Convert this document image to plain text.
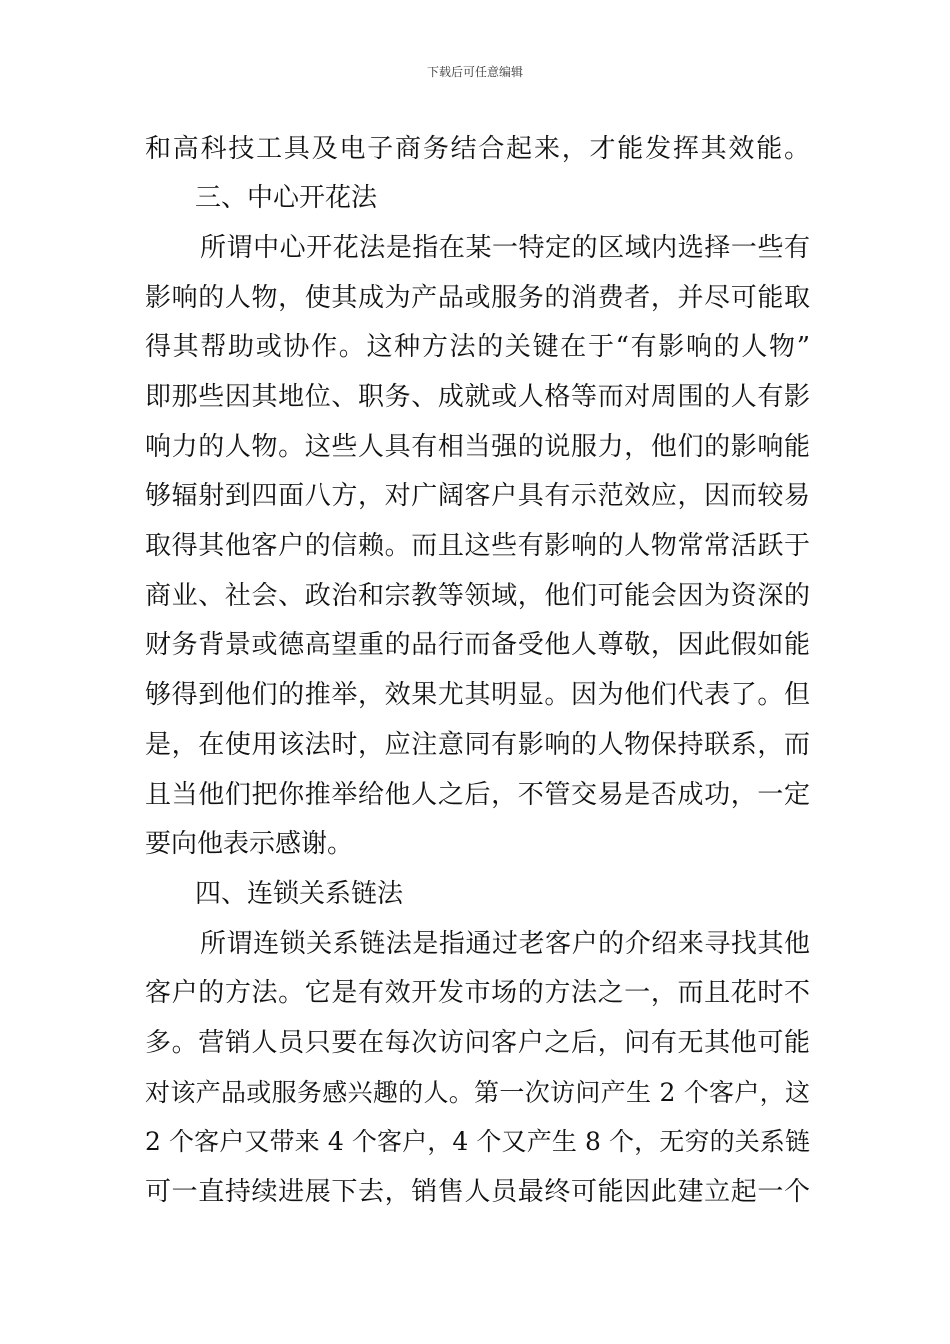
下载后可任意编辑
和高科技工具及电子商务结合起来，才能发挥其效能。
三、中心开花法
所谓中心开花法是指在某一特定的区域内选择一些有
影响的人物，使其成为产品或服务的消费者，并尽可能取
得其帮助或协作。这种方法的关键在于“有影响的人物”
即那些因其地位、职务、成就或人格等而对周围的人有影
响力的人物。这些人具有相当强的说服力，他们的影响能
够辐射到四面八方，对广阔客户具有示范效应，因而较易
取得其他客户的信赖。而且这些有影响的人物常常活跃于
商业、社会、政治和宗教等领域，他们可能会因为资深的
财务背景或德高望重的品行而备受他人尊敬，因此假如能
够得到他们的推举，效果尤其明显。因为他们代表了。但
是，在使用该法时，应注意同有影响的人物保持联系，而
且当他们把你推举给他人之后，不管交易是否成功，一定
要向他表示感谢。
四、连锁关系链法
所谓连锁关系链法是指通过老客户的介绍来寻找其他
客户的方法。它是有效开发市场的方法之一，而且花时不
多。营销人员只要在每次访问客户之后，问有无其他可能
对该产品或服务感兴趣的人。第一次访问产生 2 个客户，这
2 个客户又带来 4 个客户，4 个又产生 8 个，无穷的关系链
可一直持续进展下去，销售人员最终可能因此建立起一个
